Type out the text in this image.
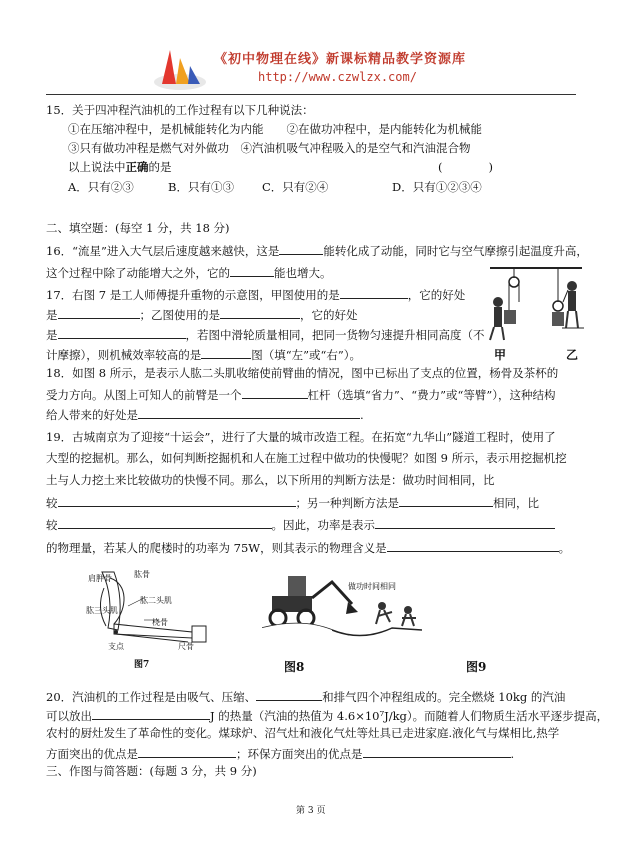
《初中物理在线》新课标精品教学资源库
http://www.czwlzx.com/
15．关于四冲程汽油机的工作过程有以下几种说法：
①在压缩冲程中，是机械能转化为内能　　②在做功冲程中，是内能转化为机械能
③只有做功冲程是燃气对外做功　④汽油机吸气冲程吸入的是空气和汽油混合物
以上说法中正确的是	(　　　　)
A．只有②③	B．只有①③ C．只有②④	D．只有①②③④
二、填空题：(每空 1 分，共 18 分)
16．“流星”进入大气层后速度越来越快，这是	能转化成了动能，同时它与空气摩擦引起温度升高，
这个过程中除了动能增大之外，它的	能也增大。
17．右图 7 是工人师傅提升重物的示意图，甲图使用的是	，它的好处
是	；乙图使用的是	，它的好处
是	，若图中滑轮质量相同，把同一货物匀速提升相同高度（不
计摩擦），则机械效率较高的是	图（填“左”或“右”）。	甲	乙
18．如图 8 所示，是表示人肱二头肌收缩使前臂曲的情况，图中已标出了支点的位置，杨骨及茶杯的
受力方向。从图上可知人的前臂是一个	杠杆（选填“省力”、“费力”或“等臂”），这种结构
给人带来的好处是	.
19．古城南京为了迎接“十运会”，进行了大量的城市改造工程。在拓宽“九华山”隧道工程时，使用了
大型的挖掘机。那么，如何判断挖掘机和人在施工过程中做功的快慢呢？如图 9 所示，表示用挖掘机挖
土与人力挖土来比较做功的快慢不同。那么，以下所用的判断方法是：做功时间相同，比
较	；另一种判断方法是	相同，比
较	。因此，功率是表示
的物理量，若某人的爬楼时的功率为 75W，则其表示的物理含义是	。
肩胛骨
肱二头肌
肱三头肌
桡骨
尺骨
支点
肱骨
图7
做功时间相同
图8	图9
20．汽油机的工作过程是由吸气、压缩、	和排气四个冲程组成的。完全燃烧 10kg 的汽油
可以放出	J 的热量（汽油的热值为 4.6×10⁷J/kg）。而随着人们物质生活水平逐步提高，
农村的厨灶发生了革命性的变化。煤球炉、沼气灶和液化气灶等灶具已走进家庭.液化气与煤相比,热学
方面突出的优点是	；环保方面突出的优点是	.
三、作图与简答题：(每题 3 分，共 9 分)
第 3 页
